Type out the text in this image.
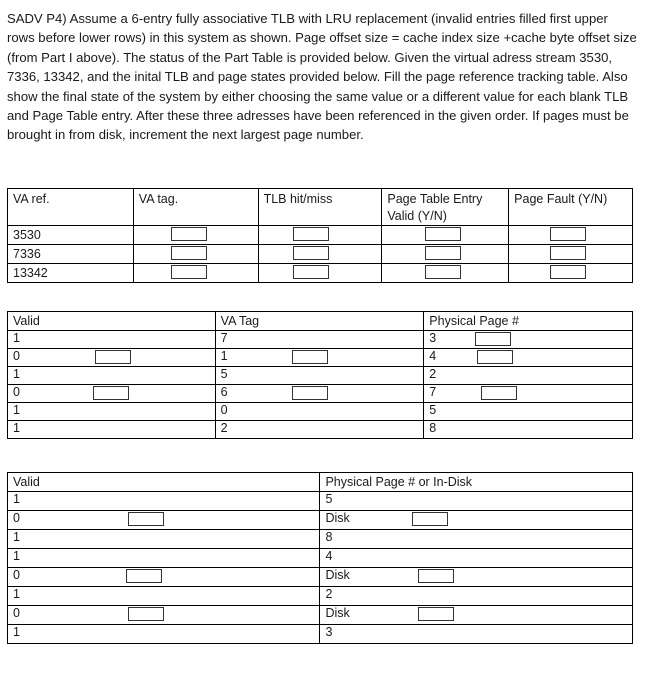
SADV P4) Assume a 6-entry fully associative TLB with LRU replacement (invalid entries filled first upper rows before lower rows) in this system as shown. Page offset size = cache index size +cache byte offset size (from Part I above). The status of the Part Table is provided below. Given the virtual adress stream 3530, 7336, 13342, and the inital TLB and page states provided below. Fill the page reference tracking table. Also show the final state of the system by either choosing the same value or a different value for each blank TLB and Page Table entry. After these three adresses have been referenced in the given order. If pages must be brought in from disk, increment the next largest page number.

VA ref.	VA tag.	TLB hit/miss	Page Table Entry Valid (Y/N)	Page Fault (Y/N)
3530	

7336	

13342	

Valid	VA Tag	Physical Page #
1	7	3

0	1	4

1	5	2
0	6	7

1	0	5
1	2	8
Valid	Physical Page # or In-Disk
1	5
0	Disk

1	8
1	4
0	Disk

1	2
0	Disk

1	3
